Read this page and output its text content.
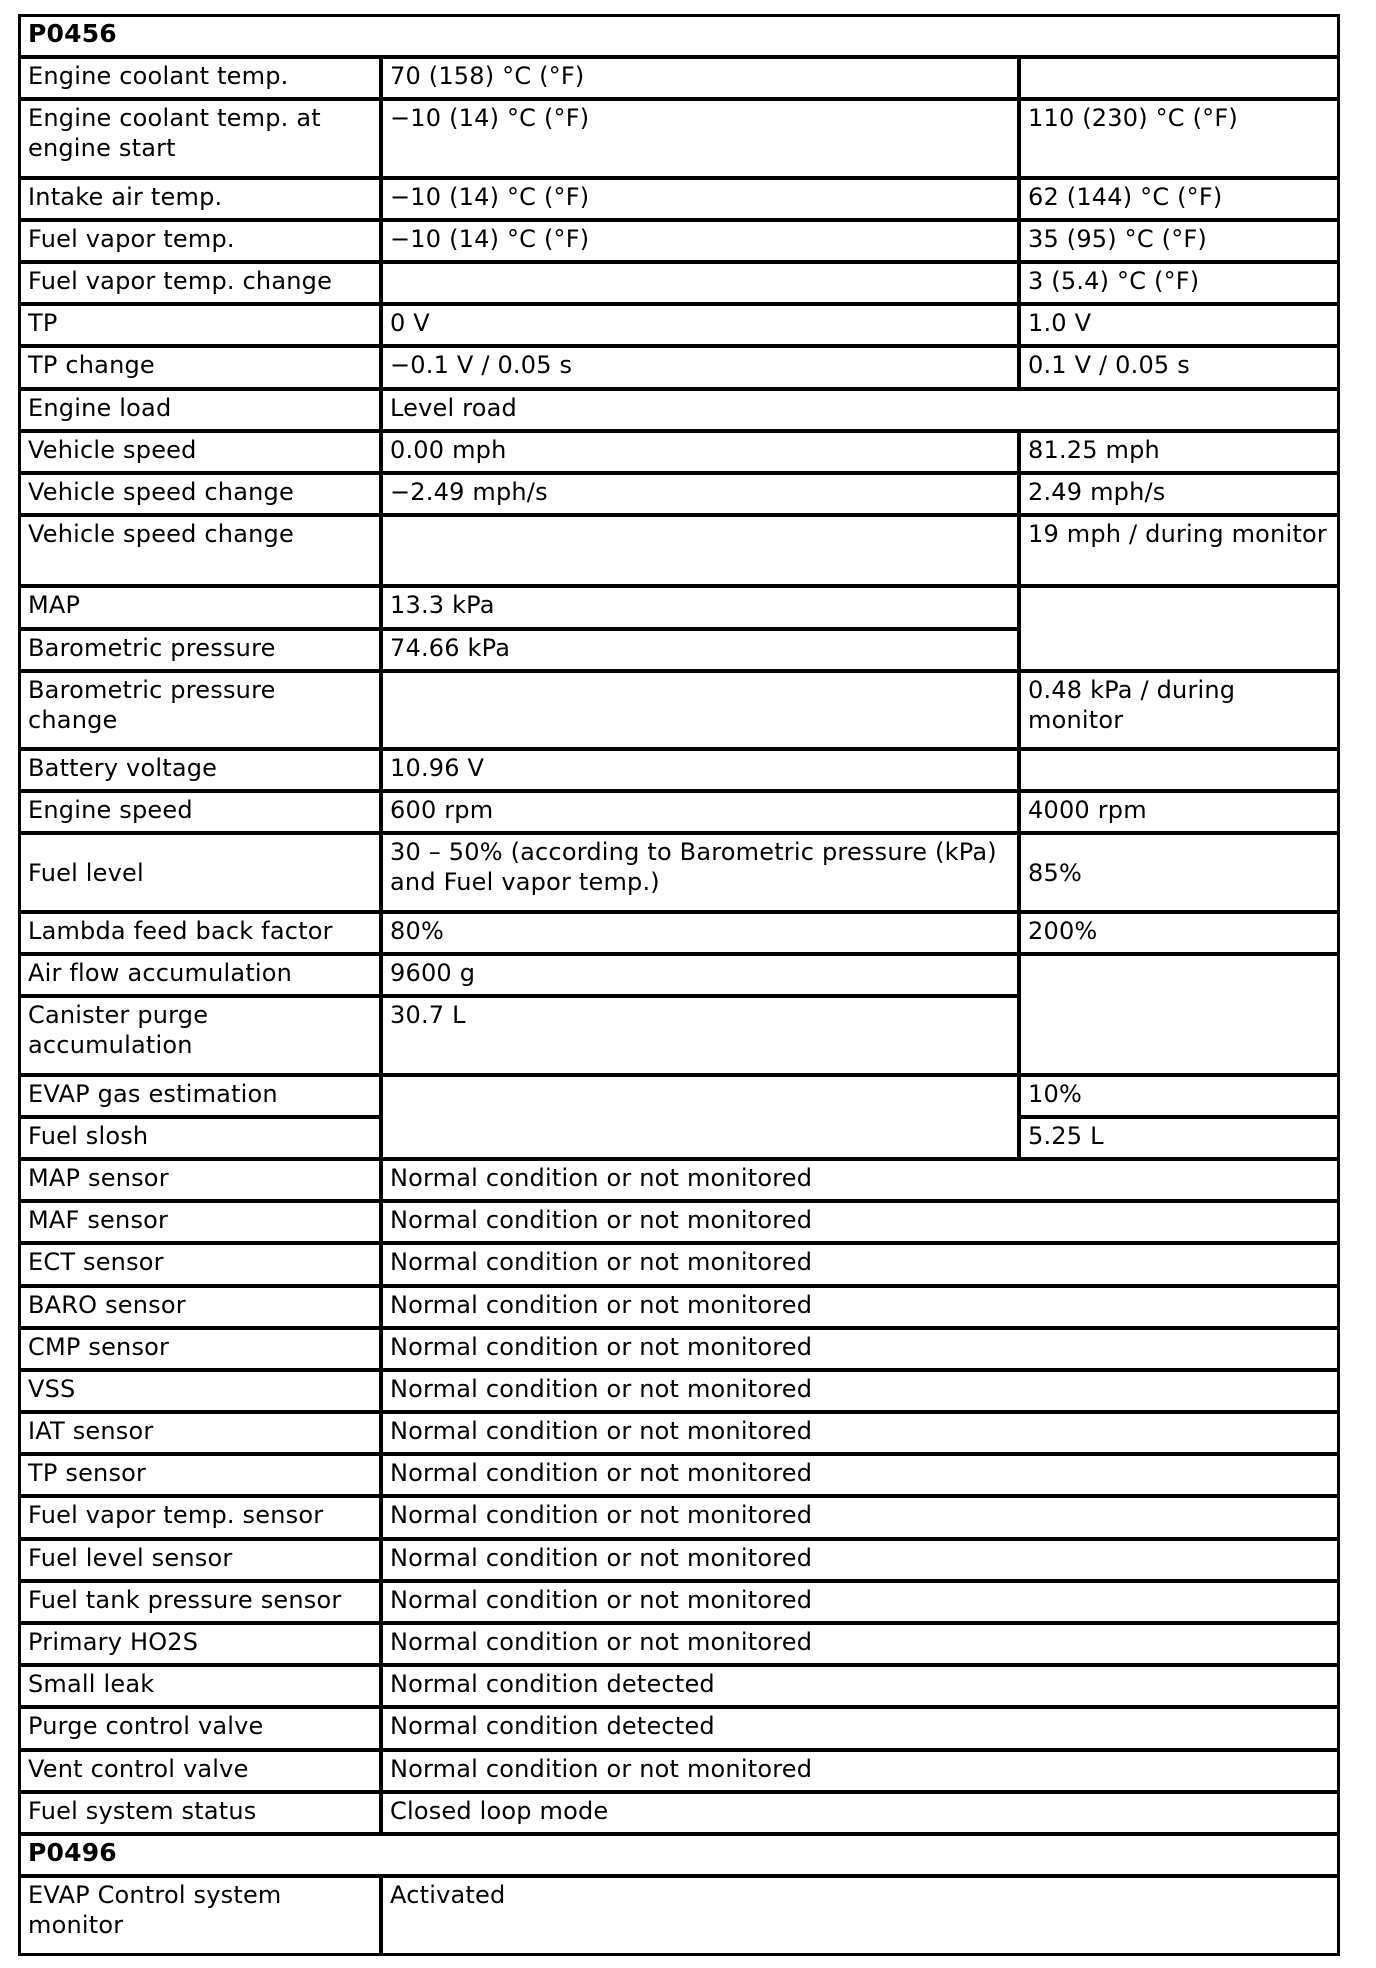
P0456		
Engine coolant temp.	70 (158) °C (°F)	
Engine coolant temp. at engine start	−10 (14) °C (°F)	110 (230) °C (°F)
Intake air temp.	−10 (14) °C (°F)	62 (144) °C (°F)
Fuel vapor temp.	−10 (14) °C (°F)	35 (95) °C (°F)
Fuel vapor temp. change		3 (5.4) °C (°F)
TP	0 V	1.0 V
TP change	−0.1 V / 0.05 s	0.1 V / 0.05 s
Engine load	Level road	
Vehicle speed	0.00 mph	81.25 mph
Vehicle speed change	−2.49 mph/s	2.49 mph/s
Vehicle speed change		19 mph / during monitor
MAP	13.3 kPa	
Barometric pressure	74.66 kPa	
Barometric pressure change		0.48 kPa / during monitor
Battery voltage	10.96 V	
Engine speed	600 rpm	4000 rpm
Fuel level	30 – 50% (according to Barometric pressure (kPa) and Fuel vapor temp.)	85%
Lambda feed back factor	80%	200%
Air flow accumulation	9600 g	
Canister purge accumulation	30.7 L	
EVAP gas estimation		10%
Fuel slosh		5.25 L
MAP sensor	Normal condition or not monitored	
MAF sensor	Normal condition or not monitored	
ECT sensor	Normal condition or not monitored	
BARO sensor	Normal condition or not monitored	
CMP sensor	Normal condition or not monitored	
VSS	Normal condition or not monitored	
IAT sensor	Normal condition or not monitored	
TP sensor	Normal condition or not monitored	
Fuel vapor temp. sensor	Normal condition or not monitored	
Fuel level sensor	Normal condition or not monitored	
Fuel tank pressure sensor	Normal condition or not monitored	
Primary HO2S	Normal condition or not monitored	
Small leak	Normal condition detected	
Purge control valve	Normal condition detected	
Vent control valve	Normal condition or not monitored	
Fuel system status	Closed loop mode	
P0496		
EVAP Control system monitor	Activated	
